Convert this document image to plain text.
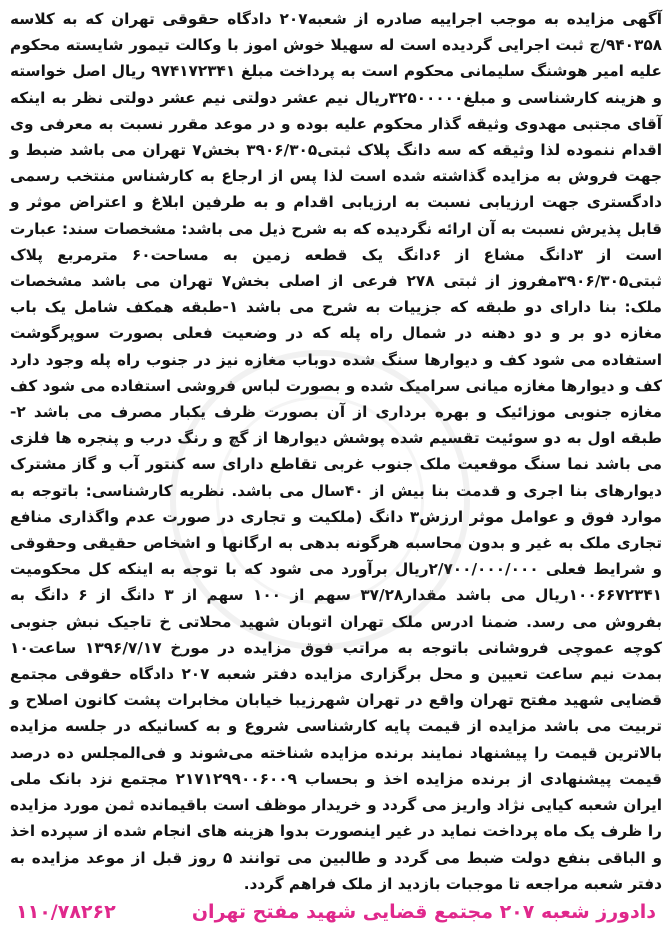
آگهی مزایده به موجب اجراییه صادره از شعبه۲۰۷ دادگاه حقوقی تهران که به کلاسه ۹۴۰۳۵۸/ج ثبت اجرایی گردیده است له سهیلا خوش اموز با وکالت تیمور شایسته محکوم علیه امیر هوشنگ سلیمانی محکوم است به پرداخت مبلغ ۹۷۴۱۷۲۳۴۱ ریال اصل خواسته و هزینه کارشناسی و مبلغ۳۲۵۰۰۰۰۰ریال نیم عشر دولتی نیم عشر دولتی نظر به اینکه آقای مجتبی مهدوی وثیقه گذار محکوم علیه بوده و در موعد مقرر نسبت به معرفی وی اقدام ننموده لذا وثیقه که سه دانگ پلاک ثبتی۳۹۰۶/۳۰۵ بخش۷ تهران می باشد ضبط و جهت فروش به مزایده گذاشته شده است لذا پس از ارجاع به کارشناس منتخب رسمی دادگستری جهت ارزیابی نسبت به ارزیابی اقدام و به طرفین ابلاغ و اعتراض موثر و قابل پذیرش نسبت به آن ارائه نگردیده که به شرح ذیل می باشد: مشخصات سند: عبارت است از ۳دانگ مشاع از ۶دانگ یک قطعه زمین به مساحت۶۰ مترمربع پلاک ثبتی۳۹۰۶/۳۰۵مفروز از ثبتی ۲۷۸ فرعی از اصلی بخش۷ تهران می باشد مشخصات ملک: بنا دارای دو طبقه که جزییات به شرح می باشد ۱-طبقه همکف شامل یک باب مغازه دو بر و دو دهنه در شمال راه پله که در وضعیت فعلی بصورت سوپرگوشت استفاده می شود کف و دیوارها سنگ شده دوباب مغازه نیز در جنوب راه پله وجود دارد کف و دیوارها مغازه میانی سرامیک شده و بصورت لباس فروشی استفاده می شود کف مغازه جنوبی موزائیک و بهره برداری از آن بصورت ظرف یکبار مصرف می باشد ۲- طبقه اول به دو سوئیت تقسیم شده پوشش دیوارها از گچ و رنگ درب و پنجره ها فلزی می باشد نما سنگ موقعیت ملک جنوب غربی تقاطع دارای سه کنتور آب و گاز مشترک دیوارهای بنا اجری و قدمت بنا بیش از ۴۰سال می باشد. نظریه کارشناسی: باتوجه به موارد فوق و عوامل موثر ارزش۳ دانگ (ملکیت و تجاری در صورت عدم واگذاری منافع تجاری ملک به غیر و بدون محاسبه هرگونه بدهی به ارگانها و اشخاص حقیقی وحقوقی و شرایط فعلی ۲/۷۰۰/۰۰۰/۰۰۰ریال برآورد می شود که با توجه به اینکه کل محکومیت ۱۰۰۶۶۷۲۳۴۱ریال می باشد مقدار۳۷/۲۸ سهم از ۱۰۰ سهم از ۳ دانگ از ۶ دانگ به بفروش می رسد. ضمنا ادرس ملک تهران اتوبان شهید محلاتی خ تاجیک نبش جنوبی کوچه عموچی فروشانی باتوجه به مراتب فوق مزایده در مورخ ۱۳۹۶/۷/۱۷ ساعت۱۰ بمدت نیم ساعت تعیین و محل برگزاری مزایده دفتر شعبه ۲۰۷ دادگاه حقوقی مجتمع قضایی شهید مفتح تهران واقع در تهران شهرزیبا خیابان مخابرات پشت کانون اصلاح و تربیت می باشد مزایده از قیمت پایه کارشناسی شروع و به کسانیکه در جلسه مزایده بالاترین قیمت را پیشنهاد نمایند برنده مزایده شناخته می‌شوند و فی‌المجلس ده درصد قیمت پیشنهادی از برنده مزایده اخذ و بحساب ۲۱۷۱۲۹۹۰۰۶۰۰۹ مجتمع نزد بانک ملی ایران شعبه کیایی نژاد واریز می گردد و خریدار موظف است باقیمانده ثمن مورد مزایده را ظرف یک ماه پرداخت نماید در غیر اینصورت بدوا هزینه های انجام شده از سپرده اخذ و الباقی بنفع دولت ضبط می گردد و طالبین می توانند ۵ روز قبل از موعد مزایده به دفتر شعبه مراجعه تا موجبات بازدید از ملک فراهم گردد.

دادورز شعبه ۲۰۷ مجتمع قضایی شهید مفتح تهران
۱۱۰/۷۸۲۶۲
